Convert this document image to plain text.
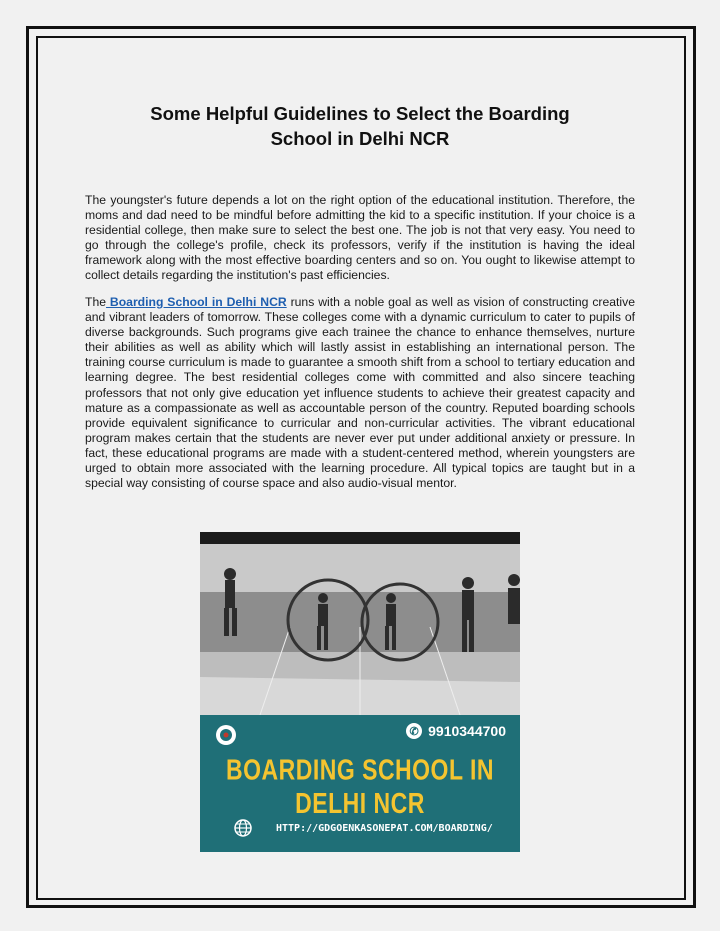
Some Helpful Guidelines to Select the Boarding
School in Delhi NCR

The youngster's future depends a lot on the right option of the educational institution. Therefore, the moms and dad need to be mindful before admitting the kid to a specific institution. If your choice is a residential college, then make sure to select the best one. The job is not that very easy. You need to go through the college's profile, check its professors, verify if the institution is having the ideal framework along with the most effective boarding centers and so on. You ought to likewise attempt to collect details regarding the institution's past efficiencies.

The Boarding School in Delhi NCR runs with a noble goal as well as vision of constructing creative and vibrant leaders of tomorrow. These colleges come with a dynamic curriculum to cater to pupils of diverse backgrounds. Such programs give each trainee the chance to enhance themselves, nurture their abilities as well as ability which will lastly assist in establishing an international person. The training course curriculum is made to guarantee a smooth shift from a school to tertiary education and learning degree. The best residential colleges come with committed and also sincere teaching professors that not only give education yet influence students to achieve their greatest capacity and mature as a compassionate as well as accountable person of the country. Reputed boarding schools provide equivalent significance to curricular and non-curricular activities. The vibrant educational program makes certain that the students are never ever put under additional anxiety or pressure. In fact, these educational programs are made with a student-centered method, wherein youngsters are urged to obtain more associated with the learning procedure. All typical topics are taught but in a special way consisting of course space and also audio-visual mentor.

✆ 9910344700
BOARDING SCHOOL IN DELHI NCR
HTTP://GDGOENKASONEPAT.COM/BOARDING/
